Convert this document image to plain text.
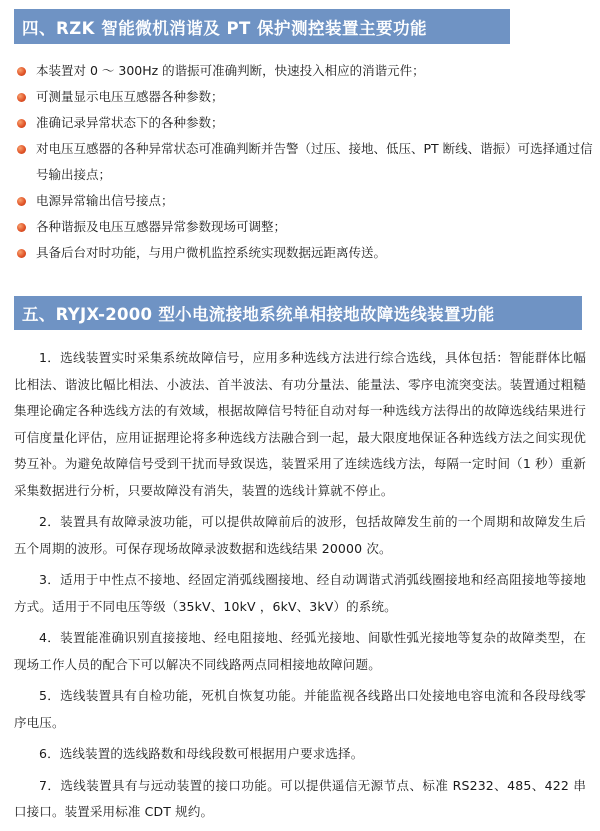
四、RZK 智能微机消谐及 PT 保护测控装置主要功能
本装置对 0 ～ 300Hz 的谐振可准确判断，快速投入相应的消谐元件；
可测量显示电压互感器各种参数；
准确记录异常状态下的各种参数；
对电压互感器的各种异常状态可准确判断并告警（过压、接地、低压、PT 断线、谐振）可选择通过信号输出接点；
电源异常输出信号接点；
各种谐振及电压互感器异常参数现场可调整；
具备后台对时功能，与用户微机监控系统实现数据远距离传送。
五、RYJX-2000 型小电流接地系统单相接地故障选线装置功能

1．选线装置实时采集系统故障信号，应用多种选线方法进行综合选线，具体包括：智能群体比幅比相法、谐波比幅比相法、小波法、首半波法、有功分量法、能量法、零序电流突变法。装置通过粗糙集理论确定各种选线方法的有效域，根据故障信号特征自动对每一种选线方法得出的故障选线结果进行可信度量化评估，应用证据理论将多种选线方法融合到一起，最大限度地保证各种选线方法之间实现优势互补。为避免故障信号受到干扰而导致误选，装置采用了连续选线方法，每隔一定时间（1 秒）重新采集数据进行分析，只要故障没有消失，装置的选线计算就不停止。

2．装置具有故障录波功能，可以提供故障前后的波形，包括故障发生前的一个周期和故障发生后五个周期的波形。可保存现场故障录波数据和选线结果 20000 次。

3．适用于中性点不接地、经固定消弧线圈接地、经自动调谐式消弧线圈接地和经高阻接地等接地方式。适用于不同电压等级（35kV、10kV ，6kV、3kV）的系统。

4．装置能准确识别直接接地、经电阻接地、经弧光接地、间歇性弧光接地等复杂的故障类型，在现场工作人员的配合下可以解决不同线路两点同相接地故障问题。

5．选线装置具有自检功能，死机自恢复功能。并能监视各线路出口处接地电容电流和各段母线零序电压。

6．选线装置的选线路数和母线段数可根据用户要求选择。

7．选线装置具有与远动装置的接口功能。可以提供遥信无源节点、标准 RS232、485、422 串口接口。装置采用标准 CDT 规约。
